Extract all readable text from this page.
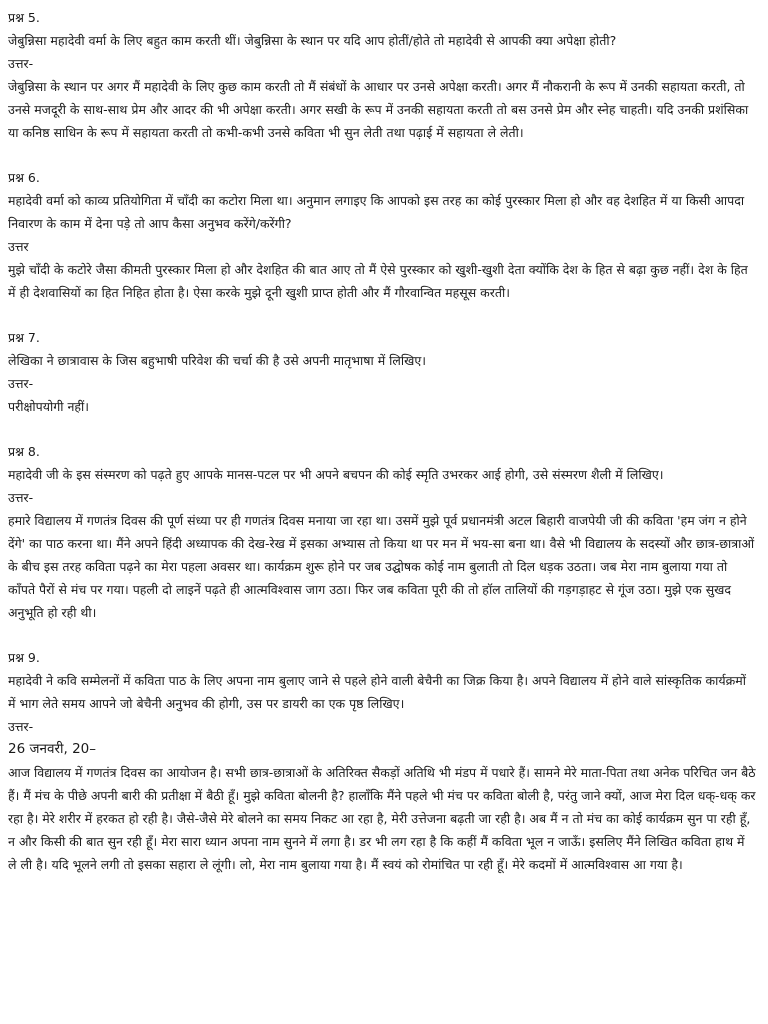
प्रश्न 5.

जेबुन्निसा महादेवी वर्मा के लिए बहुत काम करती थीं। जेबुन्निसा के स्थान पर यदि आप होतीं/होते तो महादेवी से आपकी क्या अपेक्षा होती?

उत्तर-

जेबुन्निसा के स्थान पर अगर मैं महादेवी के लिए कुछ काम करती तो मैं संबंधों के आधार पर उनसे अपेक्षा करती। अगर मैं नौकरानी के रूप में उनकी सहायता करती, तो उनसे मजदूरी के साथ-साथ प्रेम और आदर की भी अपेक्षा करती। अगर सखी के रूप में उनकी सहायता करती तो बस उनसे प्रेम और स्नेह चाहती। यदि उनकी प्रशंसिका या कनिष्ठ साधिन के रूप में सहायता करती तो कभी-कभी उनसे कविता भी सुन लेती तथा पढ़ाई में सहायता ले लेती।

प्रश्न 6.

महादेवी वर्मा को काव्य प्रतियोगिता में चाँदी का कटोरा मिला था। अनुमान लगाइए कि आपको इस तरह का कोई पुरस्कार मिला हो और वह देशहित में या किसी आपदा निवारण के काम में देना पड़े तो आप कैसा अनुभव करेंगे/करेंगी?

उत्तर

मुझे चाँदी के कटोरे जैसा कीमती पुरस्कार मिला हो और देशहित की बात आए तो मैं ऐसे पुरस्कार को खुशी-खुशी देता क्योंकि देश के हित से बढ़ा कुछ नहीं। देश के हित में ही देशवासियों का हित निहित होता है। ऐसा करके मुझे दूनी खुशी प्राप्त होती और मैं गौरवान्वित महसूस करती।

प्रश्न 7.

लेखिका ने छात्रावास के जिस बहुभाषी परिवेश की चर्चा की है उसे अपनी मातृभाषा में लिखिए।

उत्तर-

परीक्षोपयोगी नहीं।

प्रश्न 8.

महादेवी जी के इस संस्मरण को पढ़ते हुए आपके मानस-पटल पर भी अपने बचपन की कोई स्मृति उभरकर आई होगी, उसे संस्मरण शैली में लिखिए।

उत्तर-

हमारे विद्यालय में गणतंत्र दिवस की पूर्ण संध्या पर ही गणतंत्र दिवस मनाया जा रहा था। उसमें मुझे पूर्व प्रधानमंत्री अटल बिहारी वाजपेयी जी की कविता 'हम जंग न होने देंगे' का पाठ करना था। मैंने अपने हिंदी अध्यापक की देख-रेख में इसका अभ्यास तो किया था पर मन में भय-सा बना था। वैसे भी विद्यालय के सदस्यों और छात्र-छात्राओं के बीच इस तरह कविता पढ़ने का मेरा पहला अवसर था। कार्यक्रम शुरू होने पर जब उद्घोषक कोई नाम बुलाती तो दिल धड़क उठता। जब मेरा नाम बुलाया गया तो काँपते पैरों से मंच पर गया। पहली दो लाइनें पढ़ते ही आत्मविश्वास जाग उठा। फिर जब कविता पूरी की तो हॉल तालियों की गड़गड़ाहट से गूंज उठा। मुझे एक सुखद अनुभूति हो रही थी।

प्रश्न 9.

महादेवी ने कवि सम्मेलनों में कविता पाठ के लिए अपना नाम बुलाए जाने से पहले होने वाली बेचैनी का जिक्र किया है। अपने विद्यालय में होने वाले सांस्कृतिक कार्यक्रमों में भाग लेते समय आपने जो बेचैनी अनुभव की होगी, उस पर डायरी का एक पृष्ठ लिखिए।

उत्तर-

26 जनवरी, 20–

आज विद्यालय में गणतंत्र दिवस का आयोजन है। सभी छात्र-छात्राओं के अतिरिक्त सैकड़ों अतिथि भी मंडप में पधारे हैं। सामने मेरे माता-पिता तथा अनेक परिचित जन बैठे हैं। मैं मंच के पीछे अपनी बारी की प्रतीक्षा में बैठी हूँ। मुझे कविता बोलनी है? हालाँकि मैंने पहले भी मंच पर कविता बोली है, परंतु जाने क्यों, आज मेरा दिल धक्-धक् कर रहा है। मेरे शरीर में हरकत हो रही है। जैसे-जैसे मेरे बोलने का समय निकट आ रहा है, मेरी उत्तेजना बढ़ती जा रही है। अब मैं न तो मंच का कोई कार्यक्रम सुन पा रही हूँ, न और किसी की बात सुन रही हूँ। मेरा सारा ध्यान अपना नाम सुनने में लगा है। डर भी लग रहा है कि कहीं मैं कविता भूल न जाऊँ। इसलिए मैंने लिखित कविता हाथ में ले ली है। यदि भूलने लगी तो इसका सहारा ले लूंगी। लो, मेरा नाम बुलाया गया है। मैं स्वयं को रोमांचित पा रही हूँ। मेरे कदमों में आत्मविश्वास आ गया है।
